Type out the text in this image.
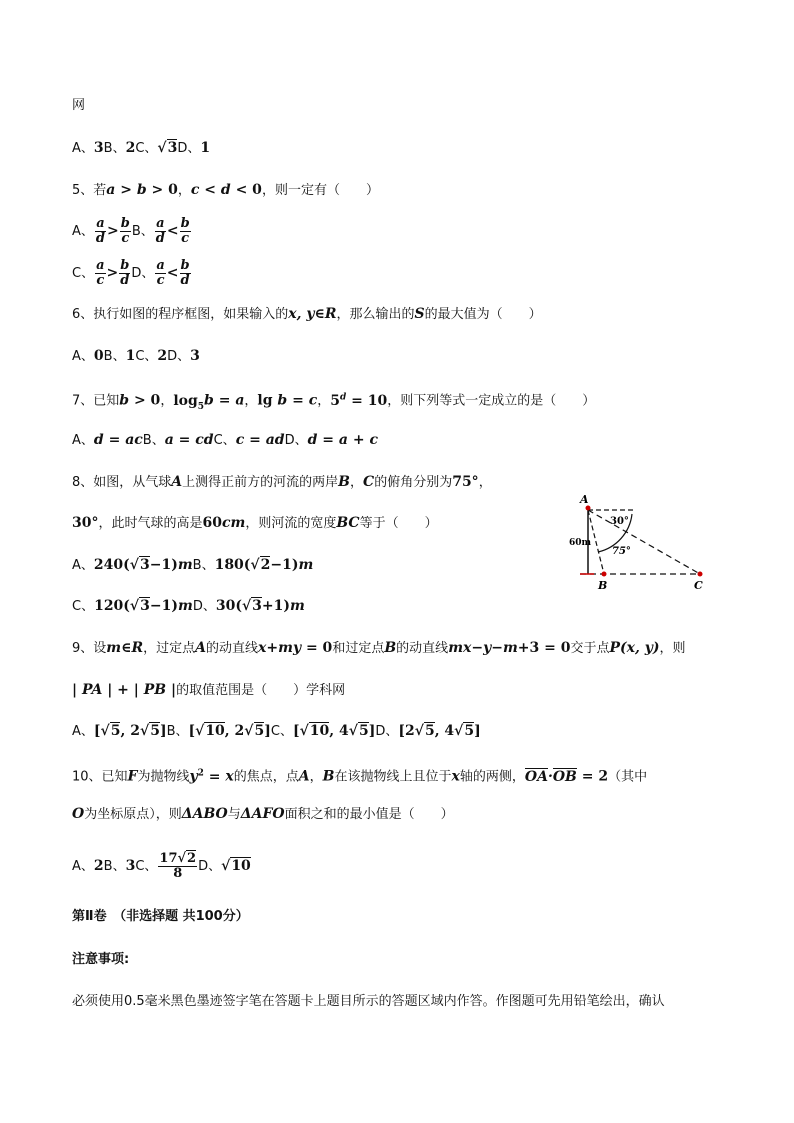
网
A、3B、2C、√3D、1
5、若a > b > 0，c < d < 0，则一定有（　　）
A、 $\frac{a}{d} > \frac{b}{c}$ B、 $\frac{a}{d} < \frac{b}{c}$
C、 $\frac{a}{c} > \frac{b}{d}$ D、 $\frac{a}{c} < \frac{b}{d}$
6、执行如图的程序框图，如果输入的x, y∈R，那么输出的S的最大值为（　　）
A、0B、1C、2D、3
7、已知b > 0，$\log_5b = a$，lg b = c，$5^d = 10$，则下列等式一定成立的是（　　）
A、d = acB、a = cdC、c = adD、d = a + c
8、如图，从气球A上测得正前方的河流的两岸B，C的俯角分别为75°，
30°，此时气球的高是60cm，则河流的宽度BC等于（　　）
A、240(√3−1)mB、180(√2−1)m
C、120(√3−1)mD、30(√3+1)m
A
B	C
60m
30°
75°
9、设m∈R，过定点A的动直线x+my = 0和过定点B的动直线mx−y−m+3 = 0交于点P(x, y)，则
| PA | + | PB |的取值范围是（　　）学科网
A、[√5, 2√5]B、[√10, 2√5]C、[√10, 4√5]D、[2√5, 4√5]
10、已知F为抛物线$y^2 = x$的焦点，点A，B在该抛物线上且位于x轴的两侧，OA·OB = 2（其中
O为坐标原点），则ΔABO与ΔAFO面积之和的最小值是（　　）
A、2B、3C、 $\frac{17√2}{8}$ D、√10
第Ⅱ卷　（非选择题 共100分）
注意事项:
必须使用0.5毫米黑色墨迹签字笔在答题卡上题目所示的答题区域内作答。作图题可先用铅笔绘出，确认
